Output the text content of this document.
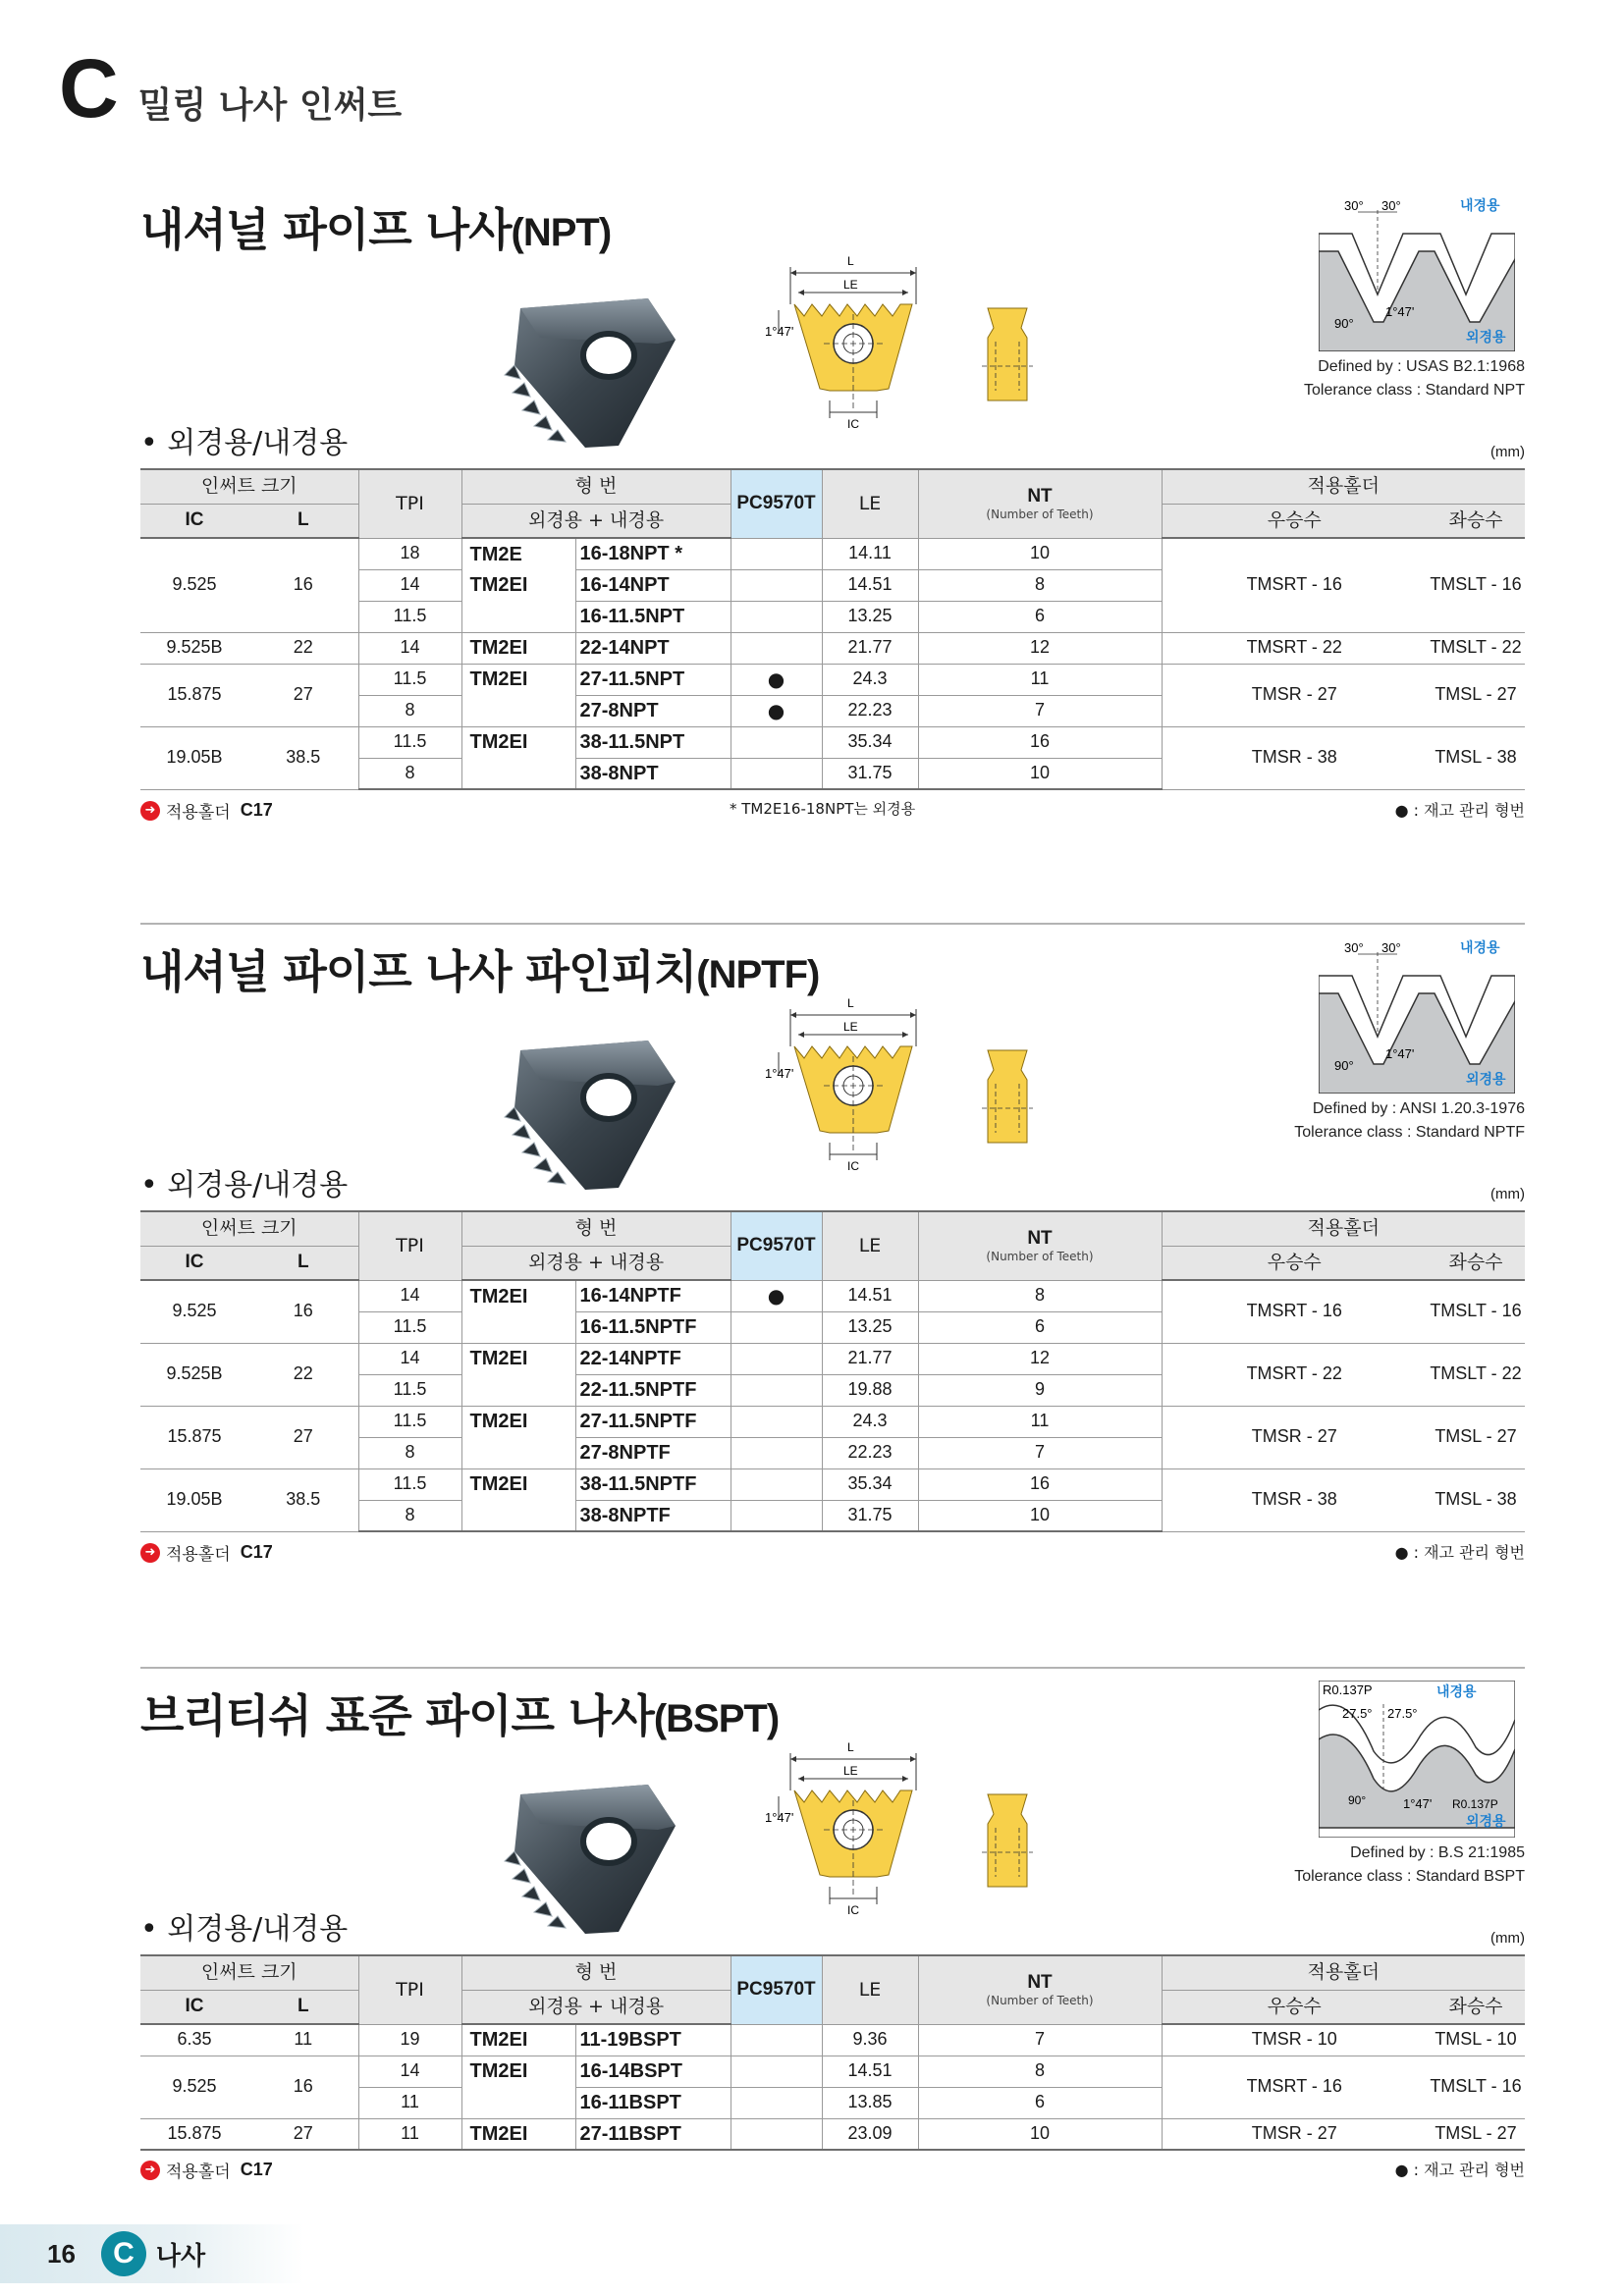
C 밀링 나사 인써트
내셔널 파이프 나사(NPT)
L
LE
1°47'
IC
30° 30°	내경용
90°
1°47'
외경용
Defined by : USAS B2.1:1968
Tolerance class : Standard NPT
• 외경용/내경용	(mm)
인써트 크기		TPI	형 번		PC9570T	LE	NT
(Number of Teeth)	적용홀더	
IC	L		외경용 + 내경용					우승수	좌승수
9.525	16	18	TM2E	16-18NPT *		14.11	10	TMSRT - 16	TMSLT - 16
		14	TM2EI	16-14NPT		14.51	8		
		11.5		16-11.5NPT		13.25	6		
9.525B	22	14	TM2EI	22-14NPT		21.77	12	TMSRT - 22	TMSLT - 22
15.875	27	11.5	TM2EI	27-11.5NPT	●	24.3	11	TMSR - 27	TMSL - 27
		8		27-8NPT	●	22.23	7		
19.05B	38.5	11.5	TM2EI	38-11.5NPT		35.34	16	TMSR - 38	TMSL - 38
		8		38-8NPT		31.75	10		
➜ 적용홀더 C17	* TM2E16-18NPT는 외경용	● : 재고 관리 형번
내셔널 파이프 나사 파인피치(NPTF)
L
LE
1°47'
IC
30° 30°	내경용
90°
1°47'
외경용
Defined by : ANSI 1.20.3-1976
Tolerance class : Standard NPTF
• 외경용/내경용	(mm)
인써트 크기		TPI	형 번		PC9570T	LE	NT
(Number of Teeth)	적용홀더	
IC	L		외경용 + 내경용					우승수	좌승수
9.525	16	14	TM2EI	16-14NPTF	●	14.51	8	TMSRT - 16	TMSLT - 16
		11.5		16-11.5NPTF		13.25	6		
9.525B	22	14	TM2EI	22-14NPTF		21.77	12	TMSRT - 22	TMSLT - 22
		11.5		22-11.5NPTF		19.88	9		
15.875	27	11.5	TM2EI	27-11.5NPTF		24.3	11	TMSR - 27	TMSL - 27
		8		27-8NPTF		22.23	7		
19.05B	38.5	11.5	TM2EI	38-11.5NPTF		35.34	16	TMSR - 38	TMSL - 38
		8		38-8NPTF		31.75	10		
➜ 적용홀더 C17	● : 재고 관리 형번
브리티쉬 표준 파이프 나사(BSPT)
L
LE
1°47'
IC
R0.137P	내경용
27.5° 27.5°
90°	1°47' R0.137P
외경용
Defined by : B.S 21:1985
Tolerance class : Standard BSPT
• 외경용/내경용	(mm)
인써트 크기		TPI	형 번		PC9570T	LE	NT
(Number of Teeth)	적용홀더	
IC	L		외경용 + 내경용					우승수	좌승수
6.35	11	19	TM2EI	11-19BSPT		9.36	7	TMSR - 10	TMSL - 10
9.525	16	14	TM2EI	16-14BSPT		14.51	8	TMSRT - 16	TMSLT - 16
		11		16-11BSPT		13.85	6		
15.875	27	11	TM2EI	27-11BSPT		23.09	10	TMSR - 27	TMSL - 27
➜ 적용홀더 C17	● : 재고 관리 형번
16	C 나사
